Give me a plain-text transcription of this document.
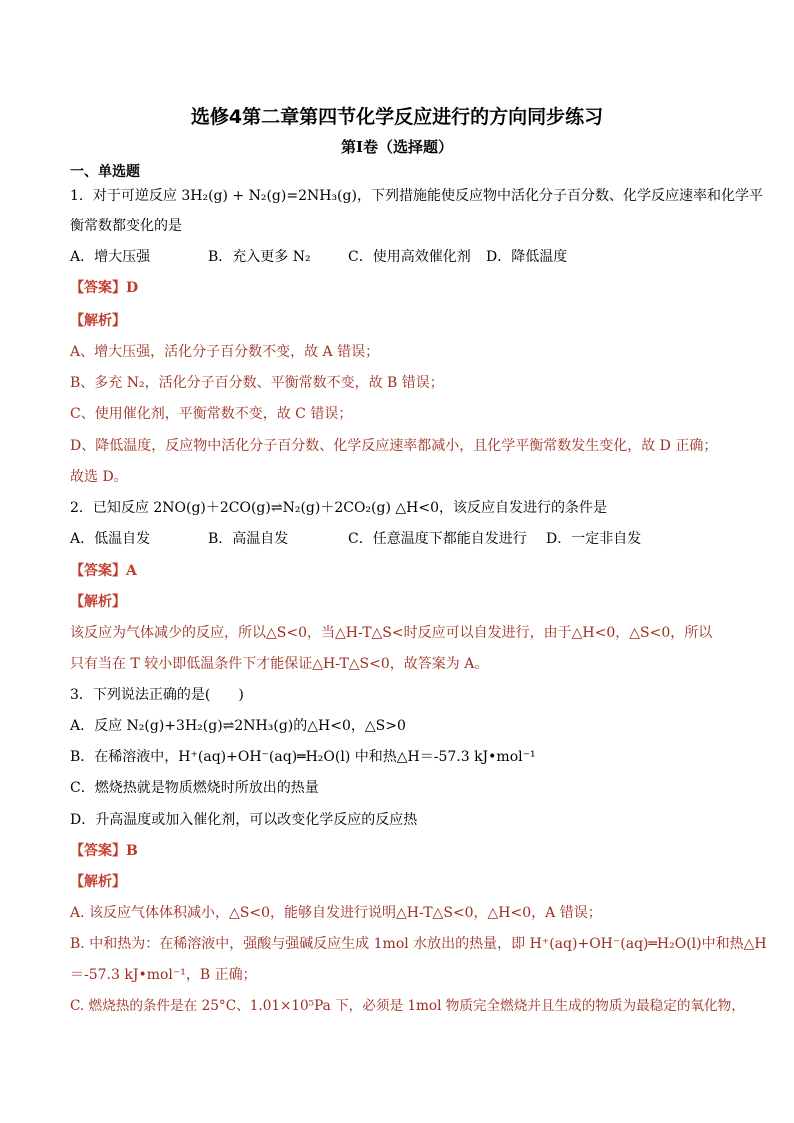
选修4第二章第四节化学反应进行的方向同步练习
第I卷（选择题）
一、单选题
1．对于可逆反应 3H₂(g) + N₂(g)=2NH₃(g)，下列措施能使反应物中活化分子百分数、化学反应速率和化学平
衡常数都变化的是
A．增大压强	B．充入更多 N₂	C．使用高效催化剂 D．降低温度
【答案】D
【解析】
A、增大压强，活化分子百分数不变，故 A 错误；
B、多充 N₂，活化分子百分数、平衡常数不变，故 B 错误；
C、使用催化剂，平衡常数不变，故 C 错误；
D、降低温度，反应物中活化分子百分数、化学反应速率都减小，且化学平衡常数发生变化，故 D 正确；
故选 D。
2．已知反应 2NO(g)＋2CO(g)⇌N₂(g)＋2CO₂(g) △H<0，该反应自发进行的条件是
A．低温自发	B．高温自发	C．任意温度下都能自发进行 D．一定非自发
【答案】A
【解析】
该反应为气体减少的反应，所以△S<0，当△H-T△S<时反应可以自发进行，由于△H<0，△S<0，所以
只有当在 T 较小即低温条件下才能保证△H-T△S<0，故答案为 A。
3．下列说法正确的是(　　)
A．反应 N₂(g)+3H₂(g)⇌2NH₃(g)的△H<0，△S>0
B．在稀溶液中，H⁺(aq)+OH⁻(aq)═H₂O(l) 中和热△H＝-57.3 kJ•mol⁻¹
C．燃烧热就是物质燃烧时所放出的热量
D．升高温度或加入催化剂，可以改变化学反应的反应热
【答案】B
【解析】
A. 该反应气体体积减小，△S<0，能够自发进行说明△H-T△S<0，△H<0，A 错误；
B. 中和热为：在稀溶液中，强酸与强碱反应生成 1mol 水放出的热量，即 H⁺(aq)+OH⁻(aq)═H₂O(l)中和热△H
＝-57.3 kJ•mol⁻¹，B 正确；
C. 燃烧热的条件是在 25°C、1.01×10⁵Pa 下，必须是 1mol 物质完全燃烧并且生成的物质为最稳定的氧化物，
